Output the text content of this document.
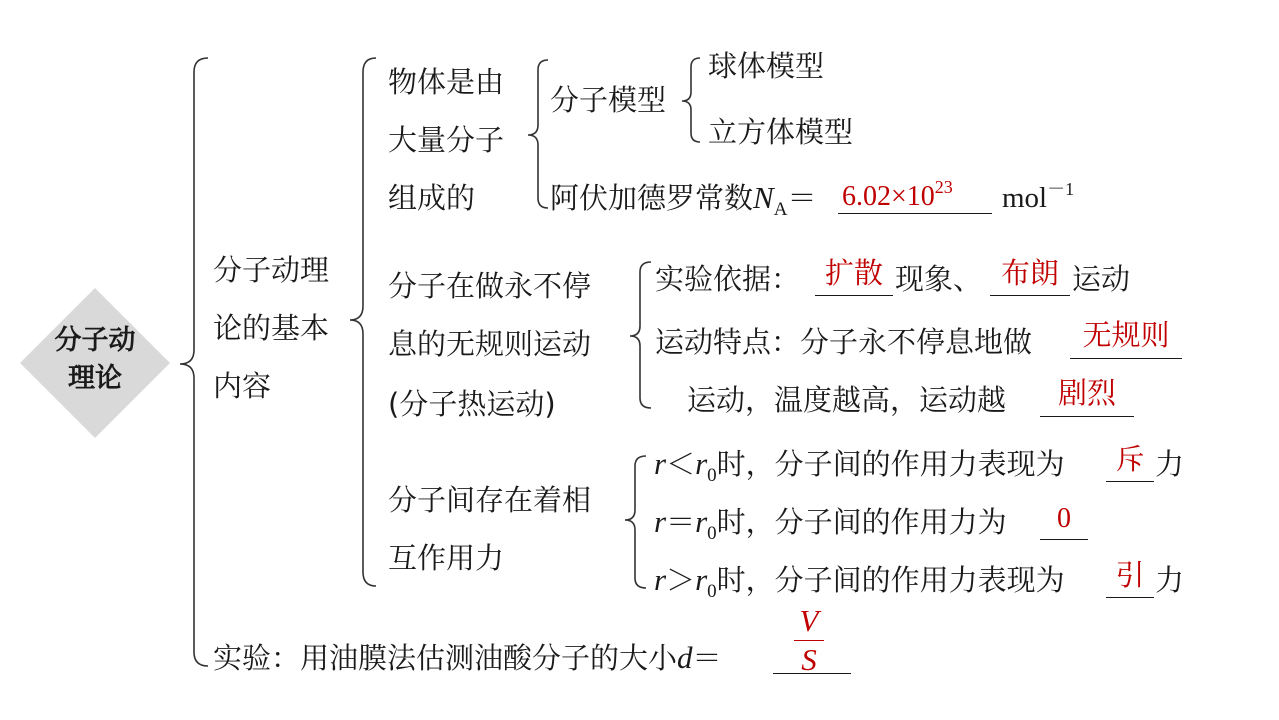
分子动
理论
分子动理
论的基本
内容
物体是由
大量分子
组成的
分子模型
球体模型
立方体模型
阿伏加德罗常数$N_A= 6.02\times 10^{23}$ mol$^{-1}$
分子在做永不停
息的无规则运动
(分子热运动)
实验依据： 扩散 现象、 布朗 运动
运动特点：分子永不停息地做	无规则
运动，温度越高，运动越	剧烈
分子间存在着相
互作用力
$r<r_0$时，分子间的作用力表现为	斥 力
$r=r_0$时，分子间的作用力为	0
$r>r_0$时，分子间的作用力表现为	引 力
实验：用油膜法估测油酸分子的大小d＝
V
S
